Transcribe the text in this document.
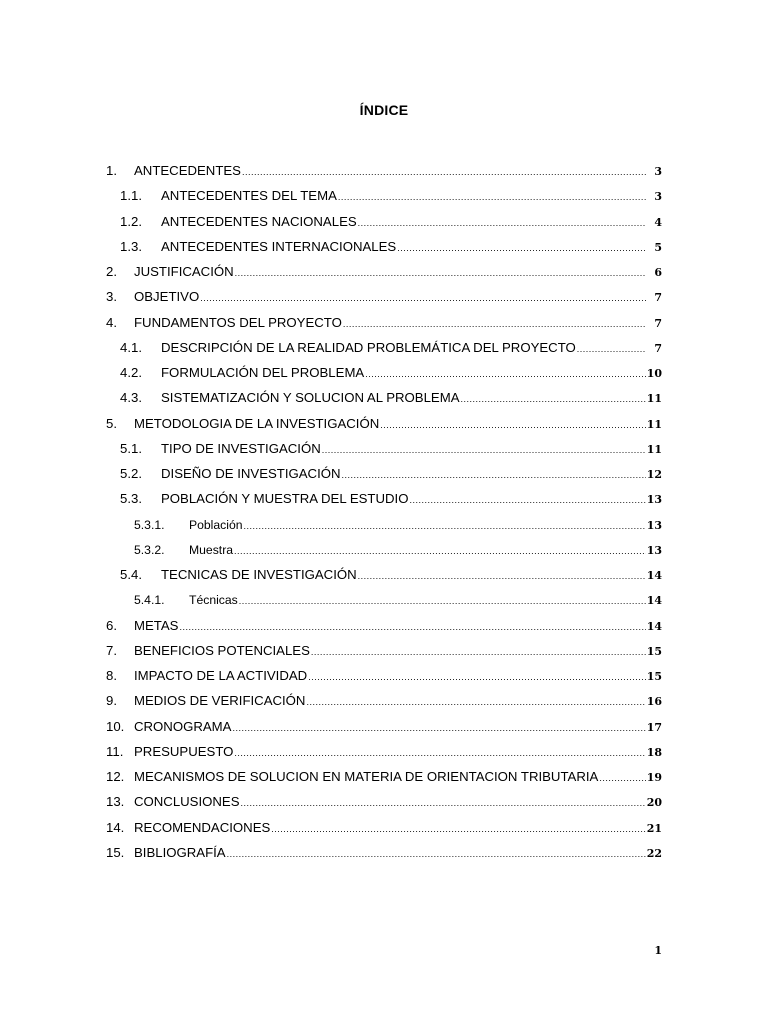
ÍNDICE
1. ANTECEDENTES .....	3
1.1. ANTECEDENTES DEL TEMA .....	3
1.2. ANTECEDENTES NACIONALES .....	4
1.3. ANTECEDENTES INTERNACIONALES .....	5
2. JUSTIFICACIÓN .....	6
3. OBJETIVO .....	7
4. FUNDAMENTOS DEL PROYECTO .....	7
4.1. DESCRIPCIÓN DE LA REALIDAD PROBLEMÁTICA DEL PROYECTO .....	7
4.2. FORMULACIÓN DEL PROBLEMA .....	10
4.3. SISTEMATIZACIÓN Y SOLUCION AL PROBLEMA .....	11
5. METODOLOGIA DE LA INVESTIGACIÓN .....	11
5.1. TIPO DE INVESTIGACIÓN .....	11
5.2. DISEÑO DE INVESTIGACIÓN .....	12
5.3. POBLACIÓN Y MUESTRA DEL ESTUDIO .....	13
5.3.1. Población .....	13
5.3.2. Muestra .....	13
5.4. TECNICAS DE INVESTIGACIÓN .....	14
5.4.1. Técnicas .....	14
6. METAS .....	14
7. BENEFICIOS POTENCIALES .....	15
8. IMPACTO DE LA ACTIVIDAD .....	15
9. MEDIOS DE VERIFICACIÓN .....	16
10. CRONOGRAMA .....	17
11. PRESUPUESTO .....	18
12. MECANISMOS DE SOLUCION EN MATERIA DE ORIENTACION TRIBUTARIA .....	19
13. CONCLUSIONES .....	20
14. RECOMENDACIONES .....	21
15. BIBLIOGRAFÍA .....	22
1
